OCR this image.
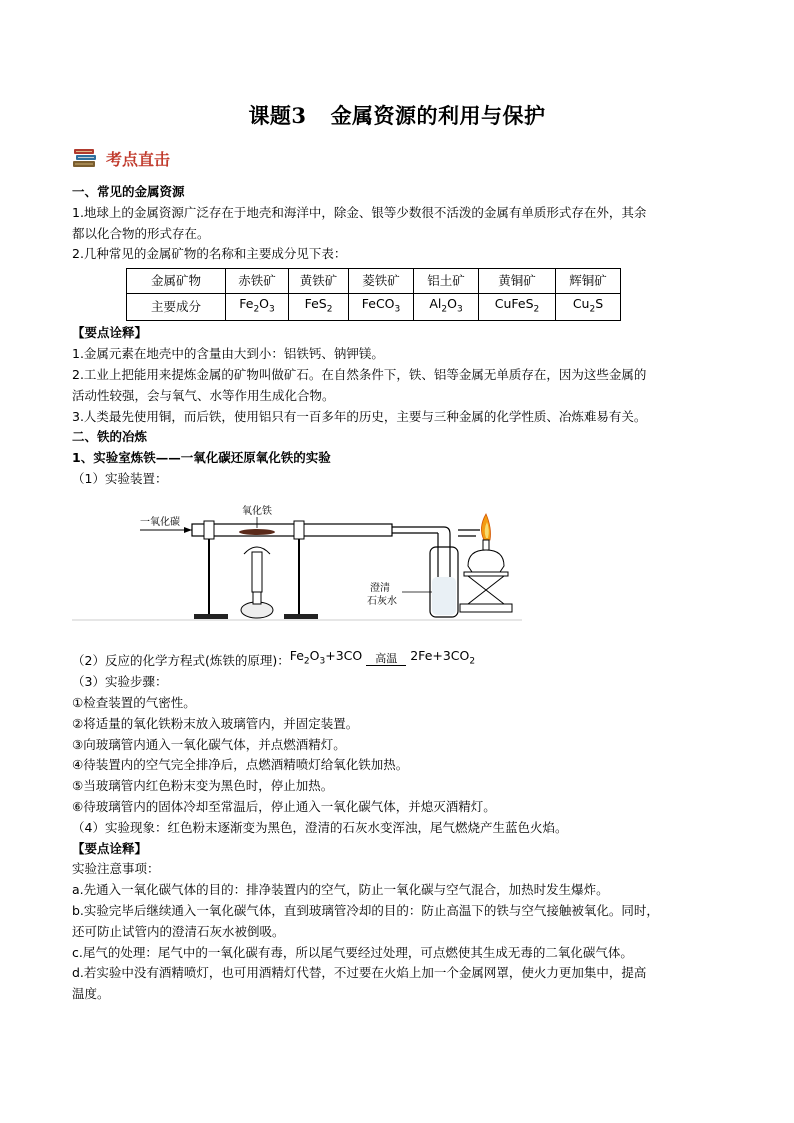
课题3 金属资源的利用与保护
考点直击

一、常见的金属资源

1.地球上的金属资源广泛存在于地壳和海洋中，除金、银等少数很不活泼的金属有单质形式存在外，其余

都以化合物的形式存在。

2.几种常见的金属矿物的名称和主要成分见下表：

金属矿物	赤铁矿	黄铁矿	菱铁矿	铝土矿	黄铜矿	辉铜矿
主要成分	$Fe_2O_3$	FeS$_2$	FeCO$_3$	$Al_2O_3$	CuFeS$_2$	$Cu_2S$

【要点诠释】

1.金属元素在地壳中的含量由大到小：铝铁钙、钠钾镁。

2.工业上把能用来提炼金属的矿物叫做矿石。在自然条件下，铁、铝等金属无单质存在，因为这些金属的

活动性较强，会与氧气、水等作用生成化合物。

3.人类最先使用铜，而后铁，使用铝只有一百多年的历史，主要与三种金属的化学性质、冶炼难易有关。

二、铁的冶炼

1、实验室炼铁——一氧化碳还原氧化铁的实验

（1）实验装置：

一氧化碳
氧化铁
澄清
石灰水

（2）反应的化学方程式(炼铁的原理)： $Fe_2O_3+3CO$	高温	$2Fe+3CO_2$

（3）实验步骤：

①检查装置的气密性。

②将适量的氧化铁粉末放入玻璃管内，并固定装置。

③向玻璃管内通入一氧化碳气体，并点燃酒精灯。

④待装置内的空气完全排净后，点燃酒精喷灯给氧化铁加热。

⑤当玻璃管内红色粉末变为黑色时，停止加热。

⑥待玻璃管内的固体冷却至常温后，停止通入一氧化碳气体，并熄灭酒精灯。

（4）实验现象：红色粉末逐渐变为黑色，澄清的石灰水变浑浊，尾气燃烧产生蓝色火焰。

【要点诠释】

实验注意事项：

a.先通入一氧化碳气体的目的：排净装置内的空气，防止一氧化碳与空气混合，加热时发生爆炸。

b.实验完毕后继续通入一氧化碳气体，直到玻璃管冷却的目的：防止高温下的铁与空气接触被氧化。同时，

还可防止试管内的澄清石灰水被倒吸。

c.尾气的处理：尾气中的一氧化碳有毒，所以尾气要经过处理，可点燃使其生成无毒的二氧化碳气体。

d.若实验中没有酒精喷灯，也可用酒精灯代替，不过要在火焰上加一个金属网罩，使火力更加集中，提高

温度。
